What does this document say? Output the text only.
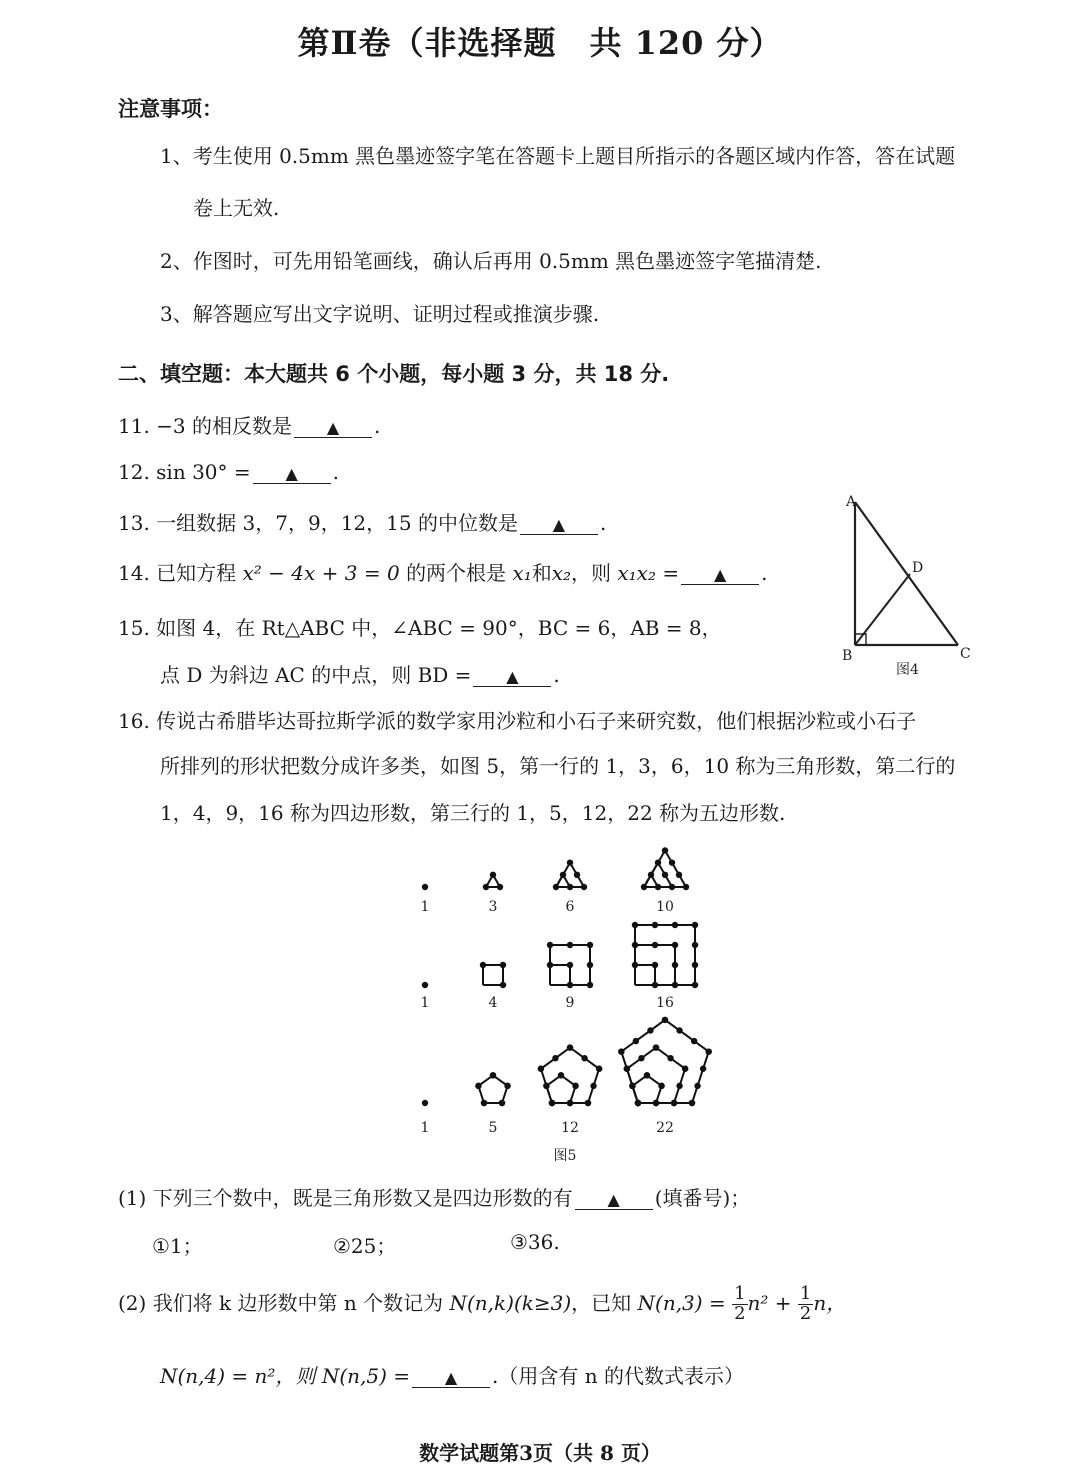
第Ⅱ卷（非选择题　共 120 分）
注意事项：
1、考生使用 0.5mm 黑色墨迹签字笔在答题卡上题目所指示的各题区域内作答，答在试题
卷上无效.
2、作图时，可先用铅笔画线，确认后再用 0.5mm 黑色墨迹签字笔描清楚.
3、解答题应写出文字说明、证明过程或推演步骤.
二、填空题：本大题共 6 个小题，每小题 3 分，共 18 分.
11. −3 的相反数是 ▲ .
12. sin 30° = ▲ .
13. 一组数据 3，7，9，12，15 的中位数是 ▲ .
14. 已知方程 x² − 4x + 3 = 0 的两个根是 x₁和x₂，则 x₁x₂ = ▲ .
15. 如图 4，在 Rt△ABC 中，∠ABC = 90°，BC = 6，AB = 8，
点 D 为斜边 AC 的中点，则 BD = ▲ .
A
D
B	C
图4
16. 传说古希腊毕达哥拉斯学派的数学家用沙粒和小石子来研究数，他们根据沙粒或小石子
所排列的形状把数分成许多类，如图 5，第一行的 1，3，6，10 称为三角形数，第二行的
1，4，9，16 称为四边形数，第三行的 1，5，12，22 称为五边形数.
1	3	6	10
1	4	9	16
1	5	12	22
图5
(1) 下列三个数中，既是三角形数又是四边形数的有 ▲ (填番号)；
①1；	②25；	③36.
(2) 我们将 k 边形数中第 n 个数记为 N(n,k)(k≥3)，已知 $N(n,3) = \frac{1}{2} n^2 + \frac{1}{2}$ n，
N(n,4) = n²，则 N(n,5) = ▲ .（用含有 n 的代数式表示）
数学试题第3页（共 8 页）
